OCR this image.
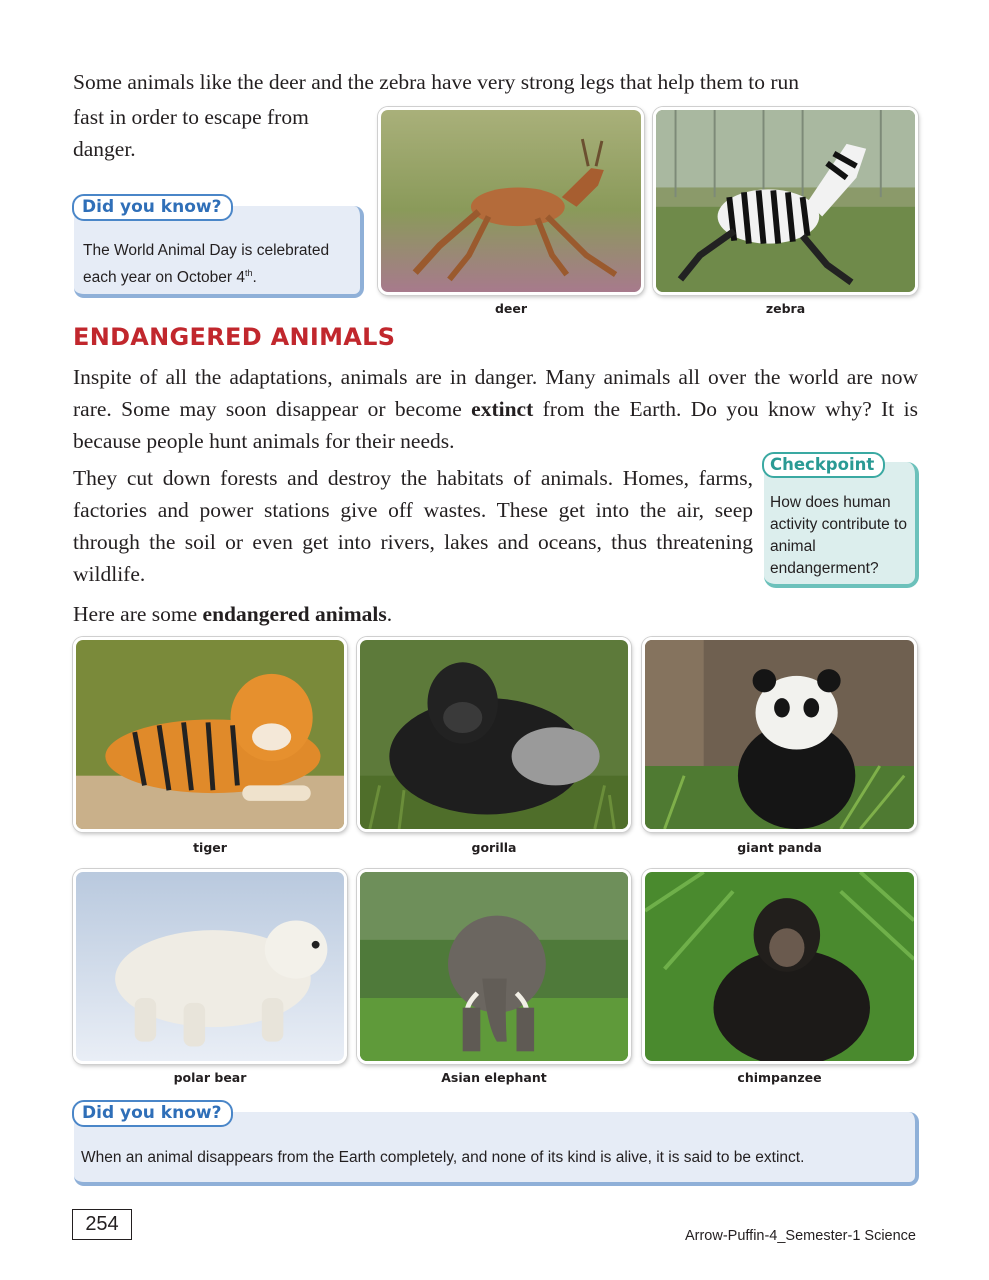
Some animals like the deer and the zebra have very strong legs that help them to run
fast in order to escape from danger.
Did you know?
The World Animal Day is celebrated each year on October 4th.
deer	zebra
ENDANGERED ANIMALS
Inspite of all the adaptations, animals are in danger. Many animals all over the world are now rare. Some may soon disappear or become extinct from the Earth. Do you know why? It is because people hunt animals for their needs.
They cut down forests and destroy the habitats of animals. Homes, farms, factories and power stations give off wastes. These get into the air, seep through the soil or even get into rivers, lakes and oceans, thus threatening wildlife.
Checkpoint
How does human activity contribute to animal endangerment?
Here are some endangered animals.
tiger	gorilla	giant panda
polar bear	Asian elephant	chimpanzee
Did you know?
When an animal disappears from the Earth completely, and none of its kind is alive, it is said to be extinct.
254
Arrow-Puffin-4_Semester-1 Science
